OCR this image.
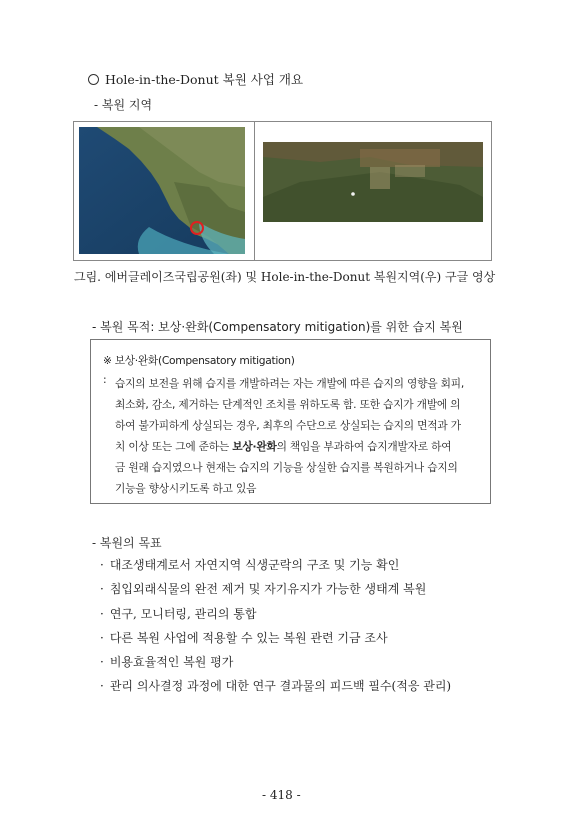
Hole-in-the-Donut 복원 사업 개요
- 복원 지역
그림. 에버글레이즈국립공원(좌) 및 Hole-in-the-Donut 복원지역(우) 구글 영상
- 복원 목적: 보상·완화(Compensatory mitigation)를 위한 습지 복원
※ 보상·완화(Compensatory mitigation)
: 습지의 보전을 위해 습지를 개발하려는 자는 개발에 따른 습지의 영향을 회피,
최소화, 감소, 제거하는 단계적인 조치를 위하도록 함. 또한 습지가 개발에 의
하여 불가피하게 상실되는 경우, 최후의 수단으로 상실되는 습지의 면적과 가
치 이상 또는 그에 준하는 보상·완화의 책임을 부과하여 습지개발자로 하여
금 원래 습지였으나 현재는 습지의 기능을 상실한 습지를 복원하거나 습지의
기능을 향상시키도록 하고 있음
- 복원의 목표
· 대조생태계로서 자연지역 식생군락의 구조 및 기능 확인
· 침입외래식물의 완전 제거 및 자기유지가 가능한 생태계 복원
· 연구, 모니터링, 관리의 통합
· 다른 복원 사업에 적용할 수 있는 복원 관련 기금 조사
· 비용효율적인 복원 평가
· 관리 의사결정 과정에 대한 연구 결과물의 피드백 필수(적응 관리)
- 418 -
